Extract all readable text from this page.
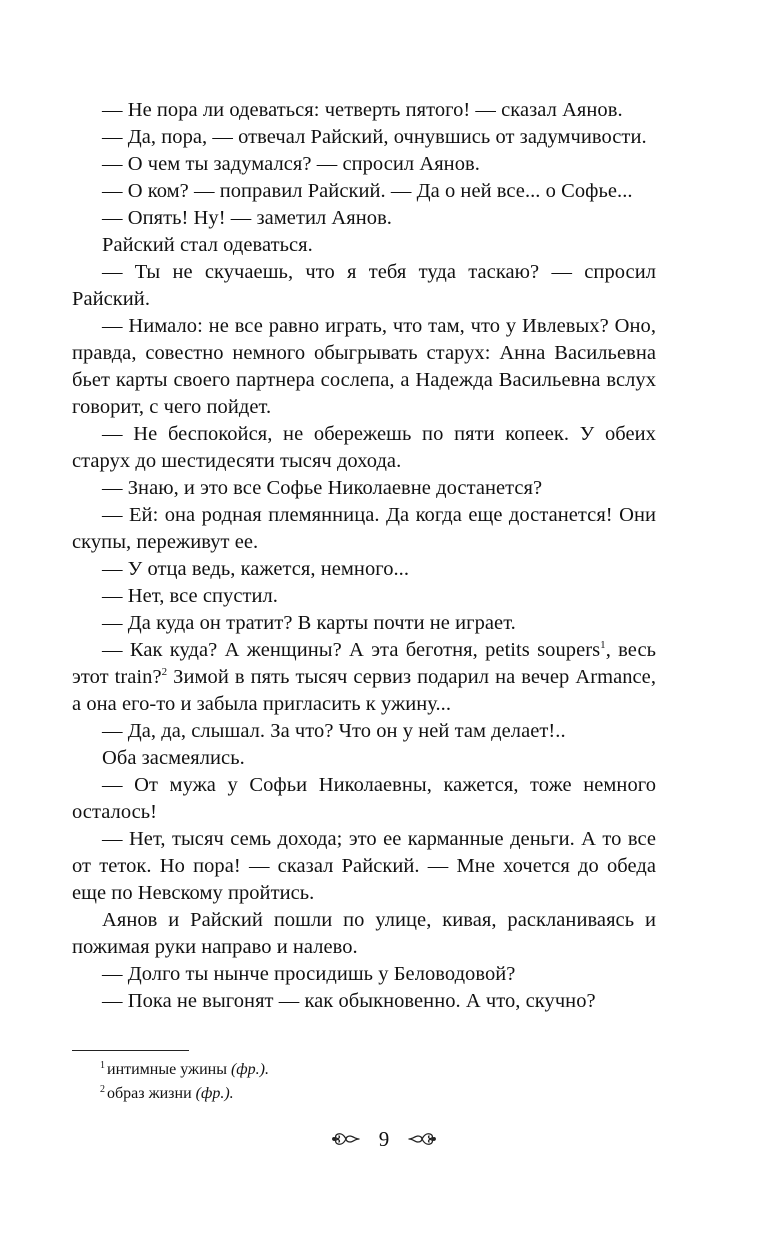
— Не пора ли одеваться: четверть пятого! — сказал Аянов.

— Да, пора, — отвечал Райский, очнувшись от задумчивости.

— О чем ты задумался? — спросил Аянов.

— О ком? — поправил Райский. — Да о ней все... о Софье...

— Опять! Ну! — заметил Аянов.

Райский стал одеваться.

— Ты не скучаешь, что я тебя туда таскаю? — спросил Райский.

— Нимало: не все равно играть, что там, что у Ивлевых? Оно, правда, совестно немного обыгрывать старух: Анна Васильевна бьет карты своего партнера сослепа, а Надежда Васильевна вслух говорит, с чего пойдет.

— Не беспокойся, не обережешь по пяти копеек. У обеих старух до шестидесяти тысяч дохода.

— Знаю, и это все Софье Николаевне достанется?

— Ей: она родная племянница. Да когда еще достанется! Они скупы, переживут ее.

— У отца ведь, кажется, немного...

— Нет, все спустил.

— Да куда он тратит? В карты почти не играет.

— Как куда? А женщины? А эта беготня, petits soupers$^1$, весь этот train?$^2$ Зимой в пять тысяч сервиз подарил на вечер Armance, а она его-то и забыла пригласить к ужину...

— Да, да, слышал. За что? Что он у ней там делает!..

Оба засмеялись.

— От мужа у Софьи Николаевны, кажется, тоже немного осталось!

— Нет, тысяч семь дохода; это ее карманные деньги. А то все от теток. Но пора! — сказал Райский. — Мне хочется до обеда еще по Невскому пройтись.

Аянов и Райский пошли по улице, кивая, раскланиваясь и пожимая руки направо и налево.

— Долго ты нынче просидишь у Беловодовой?

— Пока не выгонят — как обыкновенно. А что, скучно?

$^1$ интимные ужины (фр.).

$^2$ образ жизни (фр.).

9
